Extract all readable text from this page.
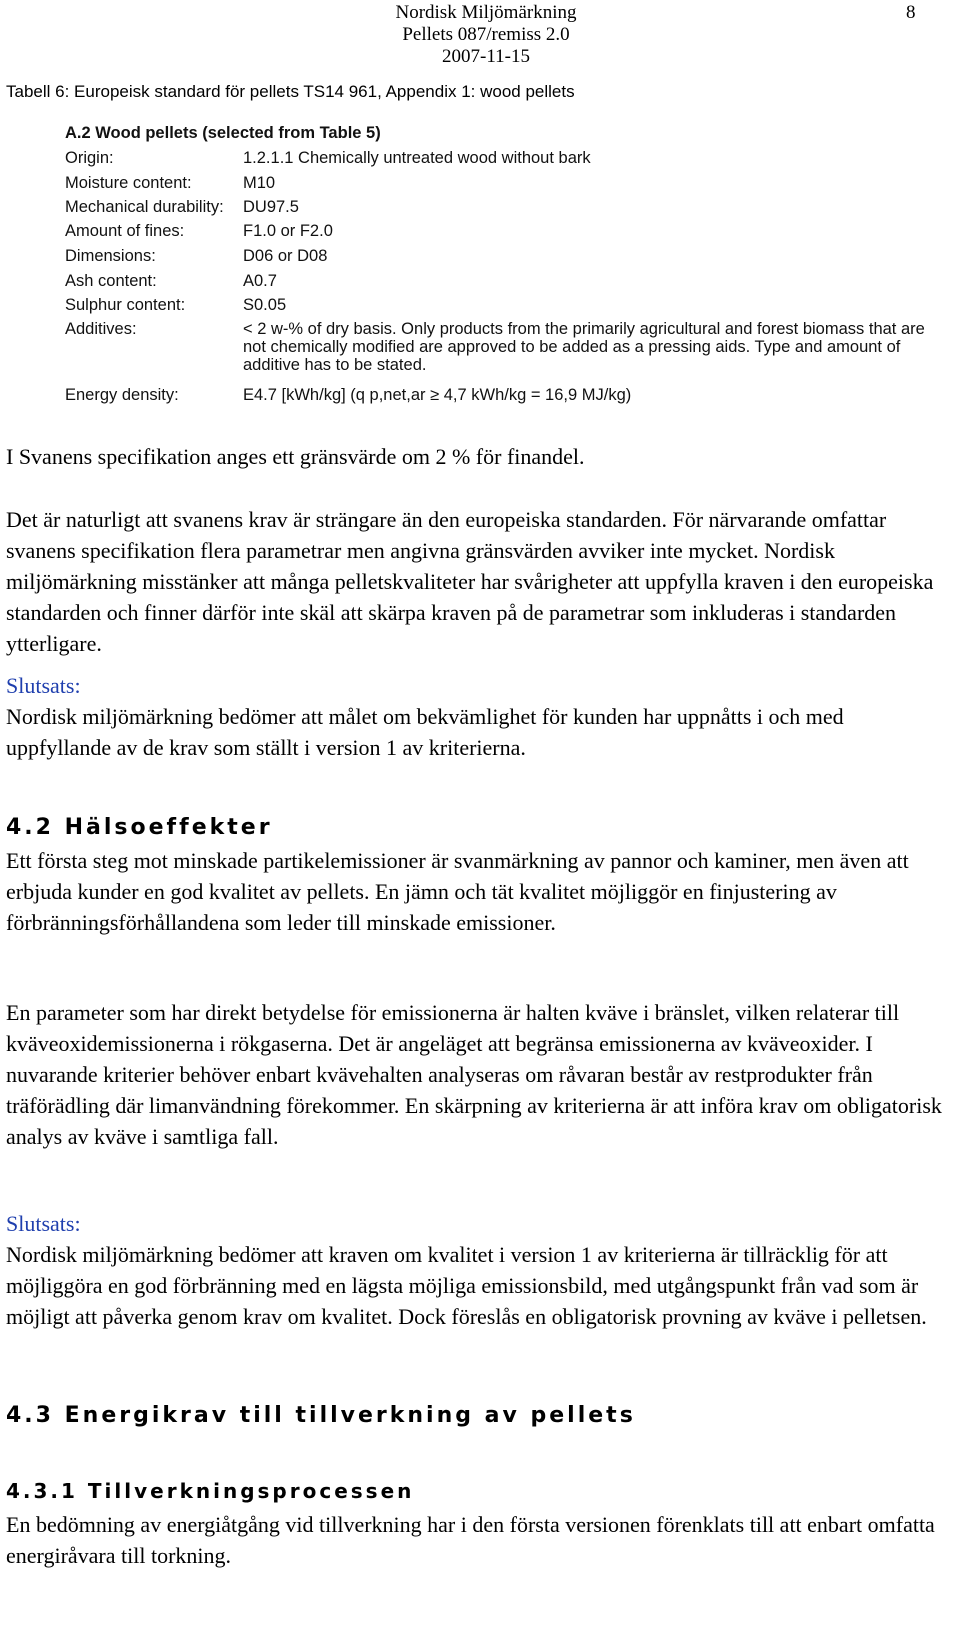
Nordisk Miljömärkning
Pellets 087/remiss 2.0
2007-11-15
8
Tabell 6: Europeisk standard för pellets TS14 961, Appendix 1: wood pellets
A.2 Wood pellets (selected from Table 5)
Origin:	1.2.1.1 Chemically untreated wood without bark
Moisture content:	M10
Mechanical durability: DU97.5
Amount of fines:	F1.0 or F2.0
Dimensions:	D06 or D08
Ash content:	A0.7
Sulphur content:	S0.05
Additives:	< 2 w-% of dry basis. Only products from the primarily agricultural and forest biomass that are not chemically modified are approved to be added as a pressing aids. Type and amount of additive has to be stated.
Energy density:	E4.7 [kWh/kg] (q p,net,ar ≥ 4,7 kWh/kg = 16,9 MJ/kg)

I Svanens specifikation anges ett gränsvärde om 2 % för finandel.

Det är naturligt att svanens krav är strängare än den europeiska standarden. För närvarande omfattar svanens specifikation flera parametrar men angivna gränsvärden avviker inte mycket. Nordisk miljömärkning misstänker att många pelletskvaliteter har svårigheter att uppfylla kraven i den europeiska standarden och finner därför inte skäl att skärpa kraven på de parametrar som inkluderas i standarden ytterligare.

Slutsats:

Nordisk miljömärkning bedömer att målet om bekvämlighet för kunden har uppnåtts i och med uppfyllande av de krav som ställt i version 1 av kriterierna.

4.2 Hälsoeffekter

Ett första steg mot minskade partikelemissioner är svanmärkning av pannor och kaminer, men även att erbjuda kunder en god kvalitet av pellets. En jämn och tät kvalitet möjliggör en finjustering av förbränningsförhållandena som leder till minskade emissioner.

En parameter som har direkt betydelse för emissionerna är halten kväve i bränslet, vilken relaterar till kväveoxidemissionerna i rökgaserna. Det är angeläget att begränsa emissionerna av kväveoxider. I nuvarande kriterier behöver enbart kvävehalten analyseras om råvaran består av restprodukter från träförädling där limanvändning förekommer. En skärpning av kriterierna är att införa krav om obligatorisk analys av kväve i samtliga fall.

Slutsats:

Nordisk miljömärkning bedömer att kraven om kvalitet i version 1 av kriterierna är tillräcklig för att möjliggöra en god förbränning med en lägsta möjliga emissionsbild, med utgångspunkt från vad som är möjligt att påverka genom krav om kvalitet. Dock föreslås en obligatorisk provning av kväve i pelletsen.

4.3 Energikrav till tillverkning av pellets
4.3.1 Tillverkningsprocessen

En bedömning av energiåtgång vid tillverkning har i den första versionen förenklats till att enbart omfatta energiråvara till torkning.
